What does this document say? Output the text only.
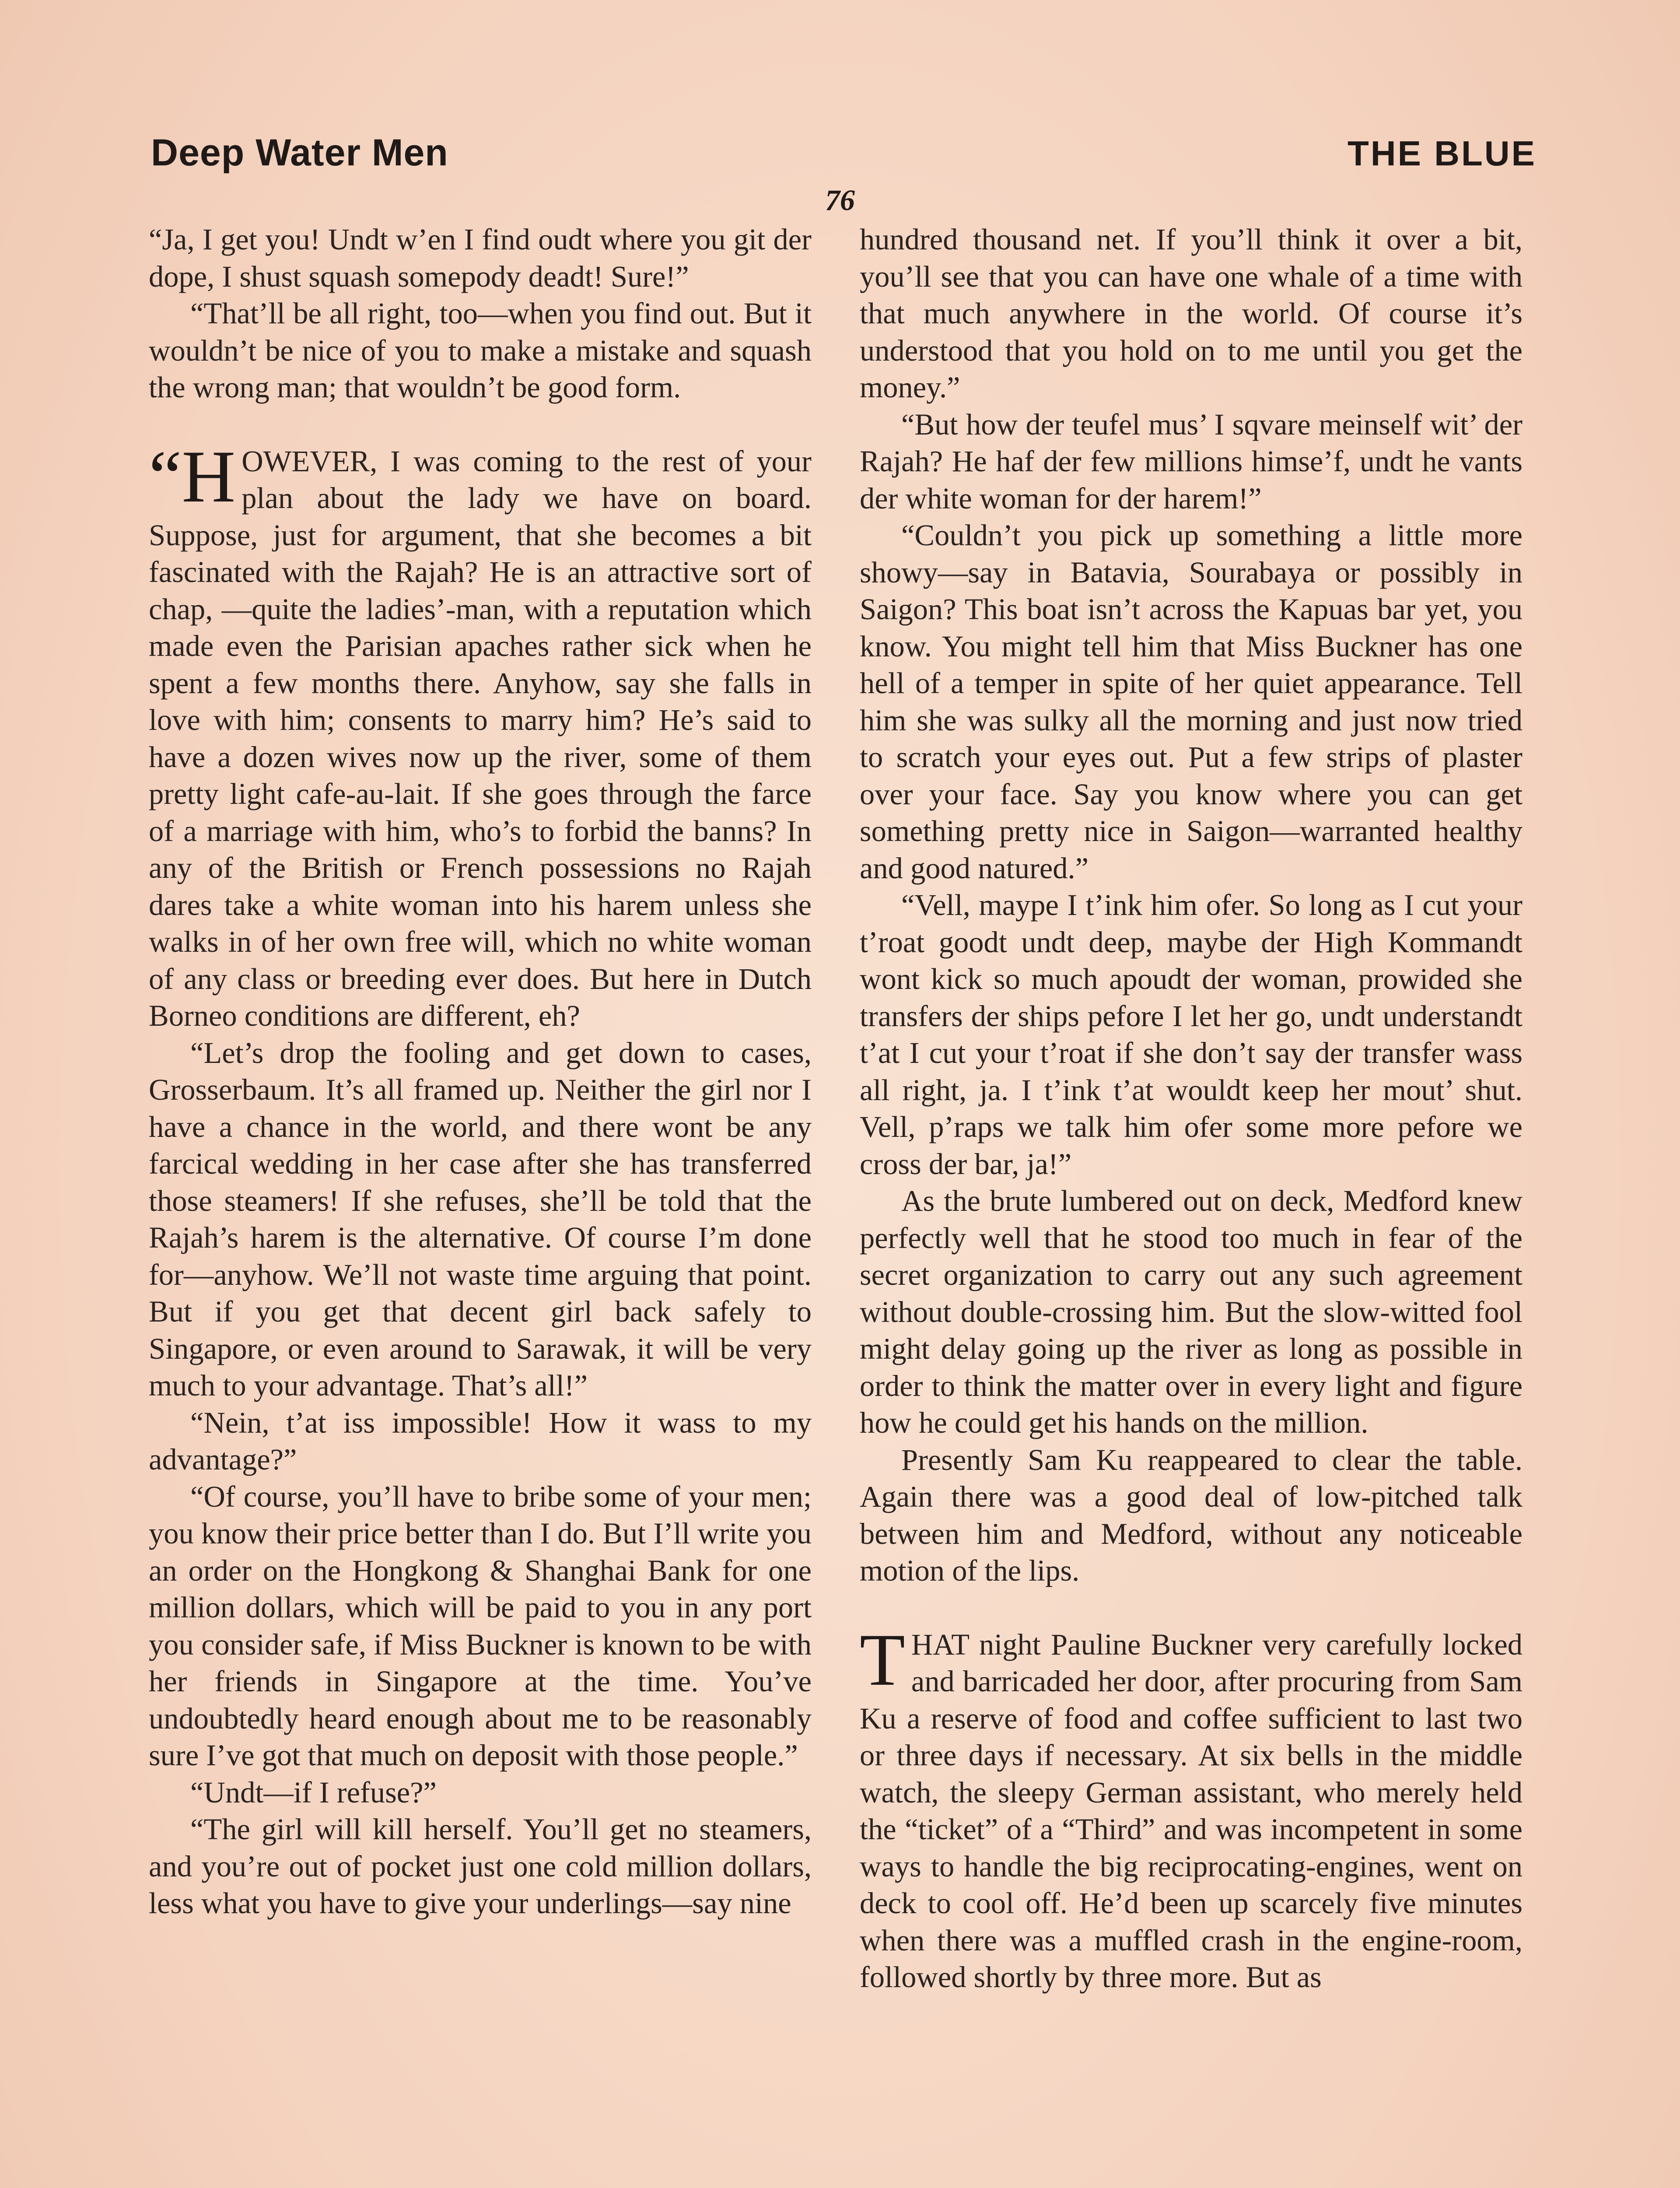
Deep Water Men	THE BLUE
76

“Ja, I get you! Undt w’en I find oudt where you git der dope, I shust squash somepody deadt! Sure!”

“That’ll be all right, too—when you find out. But it wouldn’t be nice of you to make a mistake and squash the wrong man; that wouldn’t be good form.

“HOWEVER, I was coming to the rest of your plan about the lady we have on board. Suppose, just for argument, that she becomes a bit fascinated with the Rajah? He is an attractive sort of chap, —quite the ladies’-man, with a reputation which made even the Parisian apaches rather sick when he spent a few months there. Anyhow, say she falls in love with him; consents to marry him? He’s said to have a dozen wives now up the river, some of them pretty light cafe-au-lait. If she goes through the farce of a marriage with him, who’s to forbid the banns? In any of the British or French possessions no Rajah dares take a white woman into his harem unless she walks in of her own free will, which no white woman of any class or breeding ever does. But here in Dutch Borneo conditions are different, eh?

“Let’s drop the fooling and get down to cases, Grosserbaum. It’s all framed up. Neither the girl nor I have a chance in the world, and there wont be any farcical wedding in her case after she has transferred those steamers! If she refuses, she’ll be told that the Rajah’s harem is the alternative. Of course I’m done for—anyhow. We’ll not waste time arguing that point. But if you get that decent girl back safely to Singapore, or even around to Sarawak, it will be very much to your advantage. That’s all!”

“Nein, t’at iss impossible! How it wass to my advantage?”

“Of course, you’ll have to bribe some of your men; you know their price better than I do. But I’ll write you an order on the Hongkong & Shanghai Bank for one million dollars, which will be paid to you in any port you consider safe, if Miss Buckner is known to be with her friends in Singapore at the time. You’ve undoubtedly heard enough about me to be reasonably sure I’ve got that much on deposit with those people.”

“Undt—if I refuse?”

“The girl will kill herself. You’ll get no steamers, and you’re out of pocket just one cold million dollars, less what you have to give your underlings—say nine

hundred thousand net. If you’ll think it over a bit, you’ll see that you can have one whale of a time with that much anywhere in the world. Of course it’s understood that you hold on to me until you get the money.”

“But how der teufel mus’ I sqvare meinself wit’ der Rajah? He haf der few millions himse’f, undt he vants der white woman for der harem!”

“Couldn’t you pick up something a little more showy—say in Batavia, Sourabaya or possibly in Saigon? This boat isn’t across the Kapuas bar yet, you know. You might tell him that Miss Buckner has one hell of a temper in spite of her quiet appearance. Tell him she was sulky all the morning and just now tried to scratch your eyes out. Put a few strips of plaster over your face. Say you know where you can get something pretty nice in Saigon—warranted healthy and good natured.”

“Vell, maype I t’ink him ofer. So long as I cut your t’roat goodt undt deep, maybe der High Kommandt wont kick so much apoudt der woman, prowided she transfers der ships pefore I let her go, undt understandt t’at I cut your t’roat if she don’t say der transfer wass all right, ja. I t’ink t’at wouldt keep her mout’ shut. Vell, p’raps we talk him ofer some more pefore we cross der bar, ja!”

As the brute lumbered out on deck, Medford knew perfectly well that he stood too much in fear of the secret organization to carry out any such agreement without double-crossing him. But the slow-witted fool might delay going up the river as long as possible in order to think the matter over in every light and figure how he could get his hands on the million.

Presently Sam Ku reappeared to clear the table. Again there was a good deal of low-pitched talk between him and Medford, without any noticeable motion of the lips.

THAT night Pauline Buckner very carefully locked and barricaded her door, after procuring from Sam Ku a reserve of food and coffee sufficient to last two or three days if necessary. At six bells in the middle watch, the sleepy German assistant, who merely held the “ticket” of a “Third” and was incompetent in some ways to handle the big reciprocating-engines, went on deck to cool off. He’d been up scarcely five minutes when there was a muffled crash in the engine-room, followed shortly by three more. But as
